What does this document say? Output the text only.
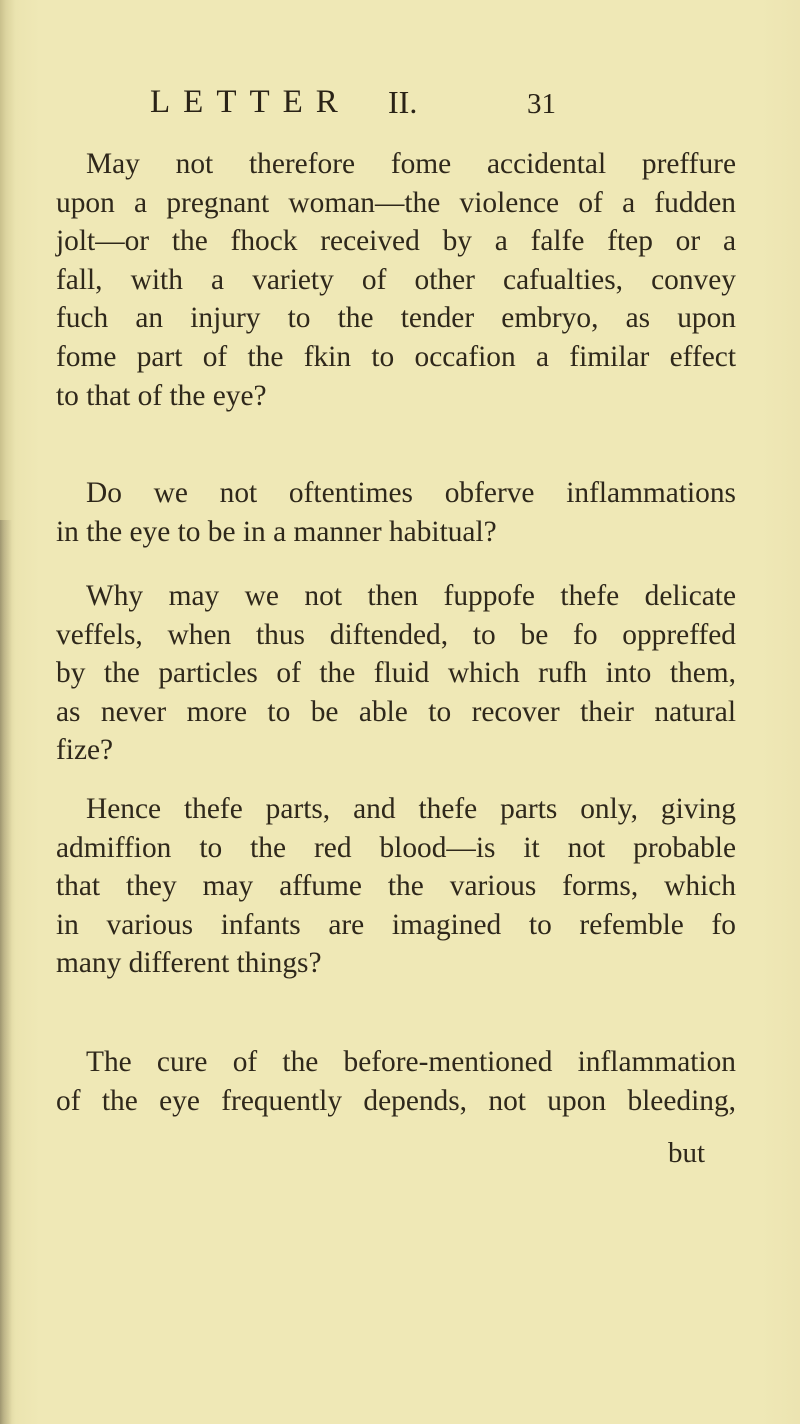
LETTER II.	31
May not therefore fome accidental preffure
upon a pregnant woman—the violence of a fudden
jolt—or the fhock received by a falfe ftep or a
fall, with a variety of other cafualties, convey
fuch an injury to the tender embryo, as upon
fome part of the fkin to occafion a fimilar effect
to that of the eye?
Do we not oftentimes obferve inflammations
in the eye to be in a manner habitual?
Why may we not then fuppofe thefe delicate
veffels, when thus diftended, to be fo oppreffed
by the particles of the fluid which rufh into them,
as never more to be able to recover their natural
fize?
Hence thefe parts, and thefe parts only, giving
admiffion to the red blood—is it not probable
that they may affume the various forms, which
in various infants are imagined to refemble fo
many different things?
The cure of the before-mentioned inflammation
of the eye frequently depends, not upon bleeding,
but
